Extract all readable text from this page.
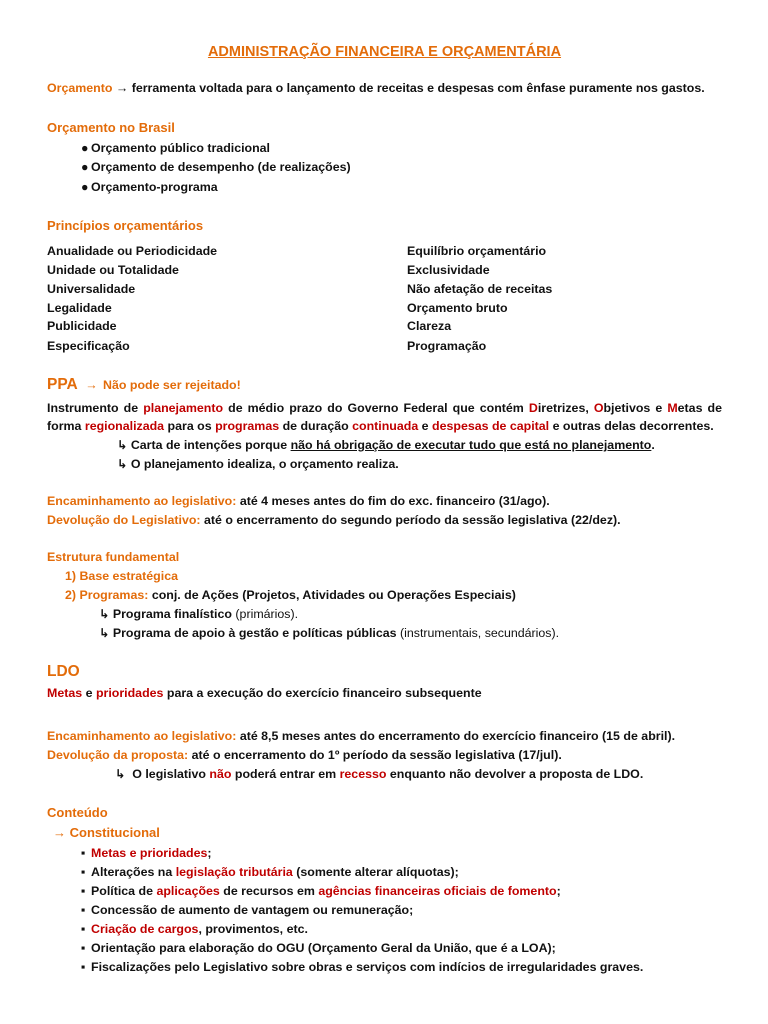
ADMINISTRAÇÃO FINANCEIRA E ORÇAMENTÁRIA
Orçamento → ferramenta voltada para o lançamento de receitas e despesas com ênfase puramente nos gastos.
Orçamento no Brasil
● Orçamento público tradicional
● Orçamento de desempenho (de realizações)
● Orçamento-programa
Princípios orçamentários
Anualidade ou Periodicidade
Unidade ou Totalidade
Universalidade
Legalidade
Publicidade
Especificação
Equilíbrio orçamentário
Exclusividade
Não afetação de receitas
Orçamento bruto
Clareza
Programação
PPA → Não pode ser rejeitado!
Instrumento de planejamento de médio prazo do Governo Federal que contém Diretrizes, Objetivos e Metas de
forma regionalizada para os programas de duração continuada e despesas de capital e outras delas decorrentes.
↳ Carta de intenções porque não há obrigação de executar tudo que está no planejamento.
↳ O planejamento idealiza, o orçamento realiza.
Encaminhamento ao legislativo: até 4 meses antes do fim do exc. financeiro (31/ago).
Devolução do Legislativo: até o encerramento do segundo período da sessão legislativa (22/dez).
Estrutura fundamental
1) Base estratégica
2) Programas: conj. de Ações (Projetos, Atividades ou Operações Especiais)
↳ Programa finalístico (primários).
↳ Programa de apoio à gestão e políticas públicas (instrumentais, secundários).
LDO
Metas e prioridades para a execução do exercício financeiro subsequente
Encaminhamento ao legislativo: até 8,5 meses antes do encerramento do exercício financeiro (15 de abril).
Devolução da proposta: até o encerramento do 1º período da sessão legislativa (17/jul).
↳ O legislativo não poderá entrar em recesso enquanto não devolver a proposta de LDO.
Conteúdo
→ Constitucional
▪ Metas e prioridades;
▪ Alterações na legislação tributária (somente alterar alíquotas);
▪ Política de aplicações de recursos em agências financeiras oficiais de fomento;
▪ Concessão de aumento de vantagem ou remuneração;
▪ Criação de cargos, provimentos, etc.
▪ Orientação para elaboração do OGU (Orçamento Geral da União, que é a LOA);
▪ Fiscalizações pelo Legislativo sobre obras e serviços com indícios de irregularidades graves.
